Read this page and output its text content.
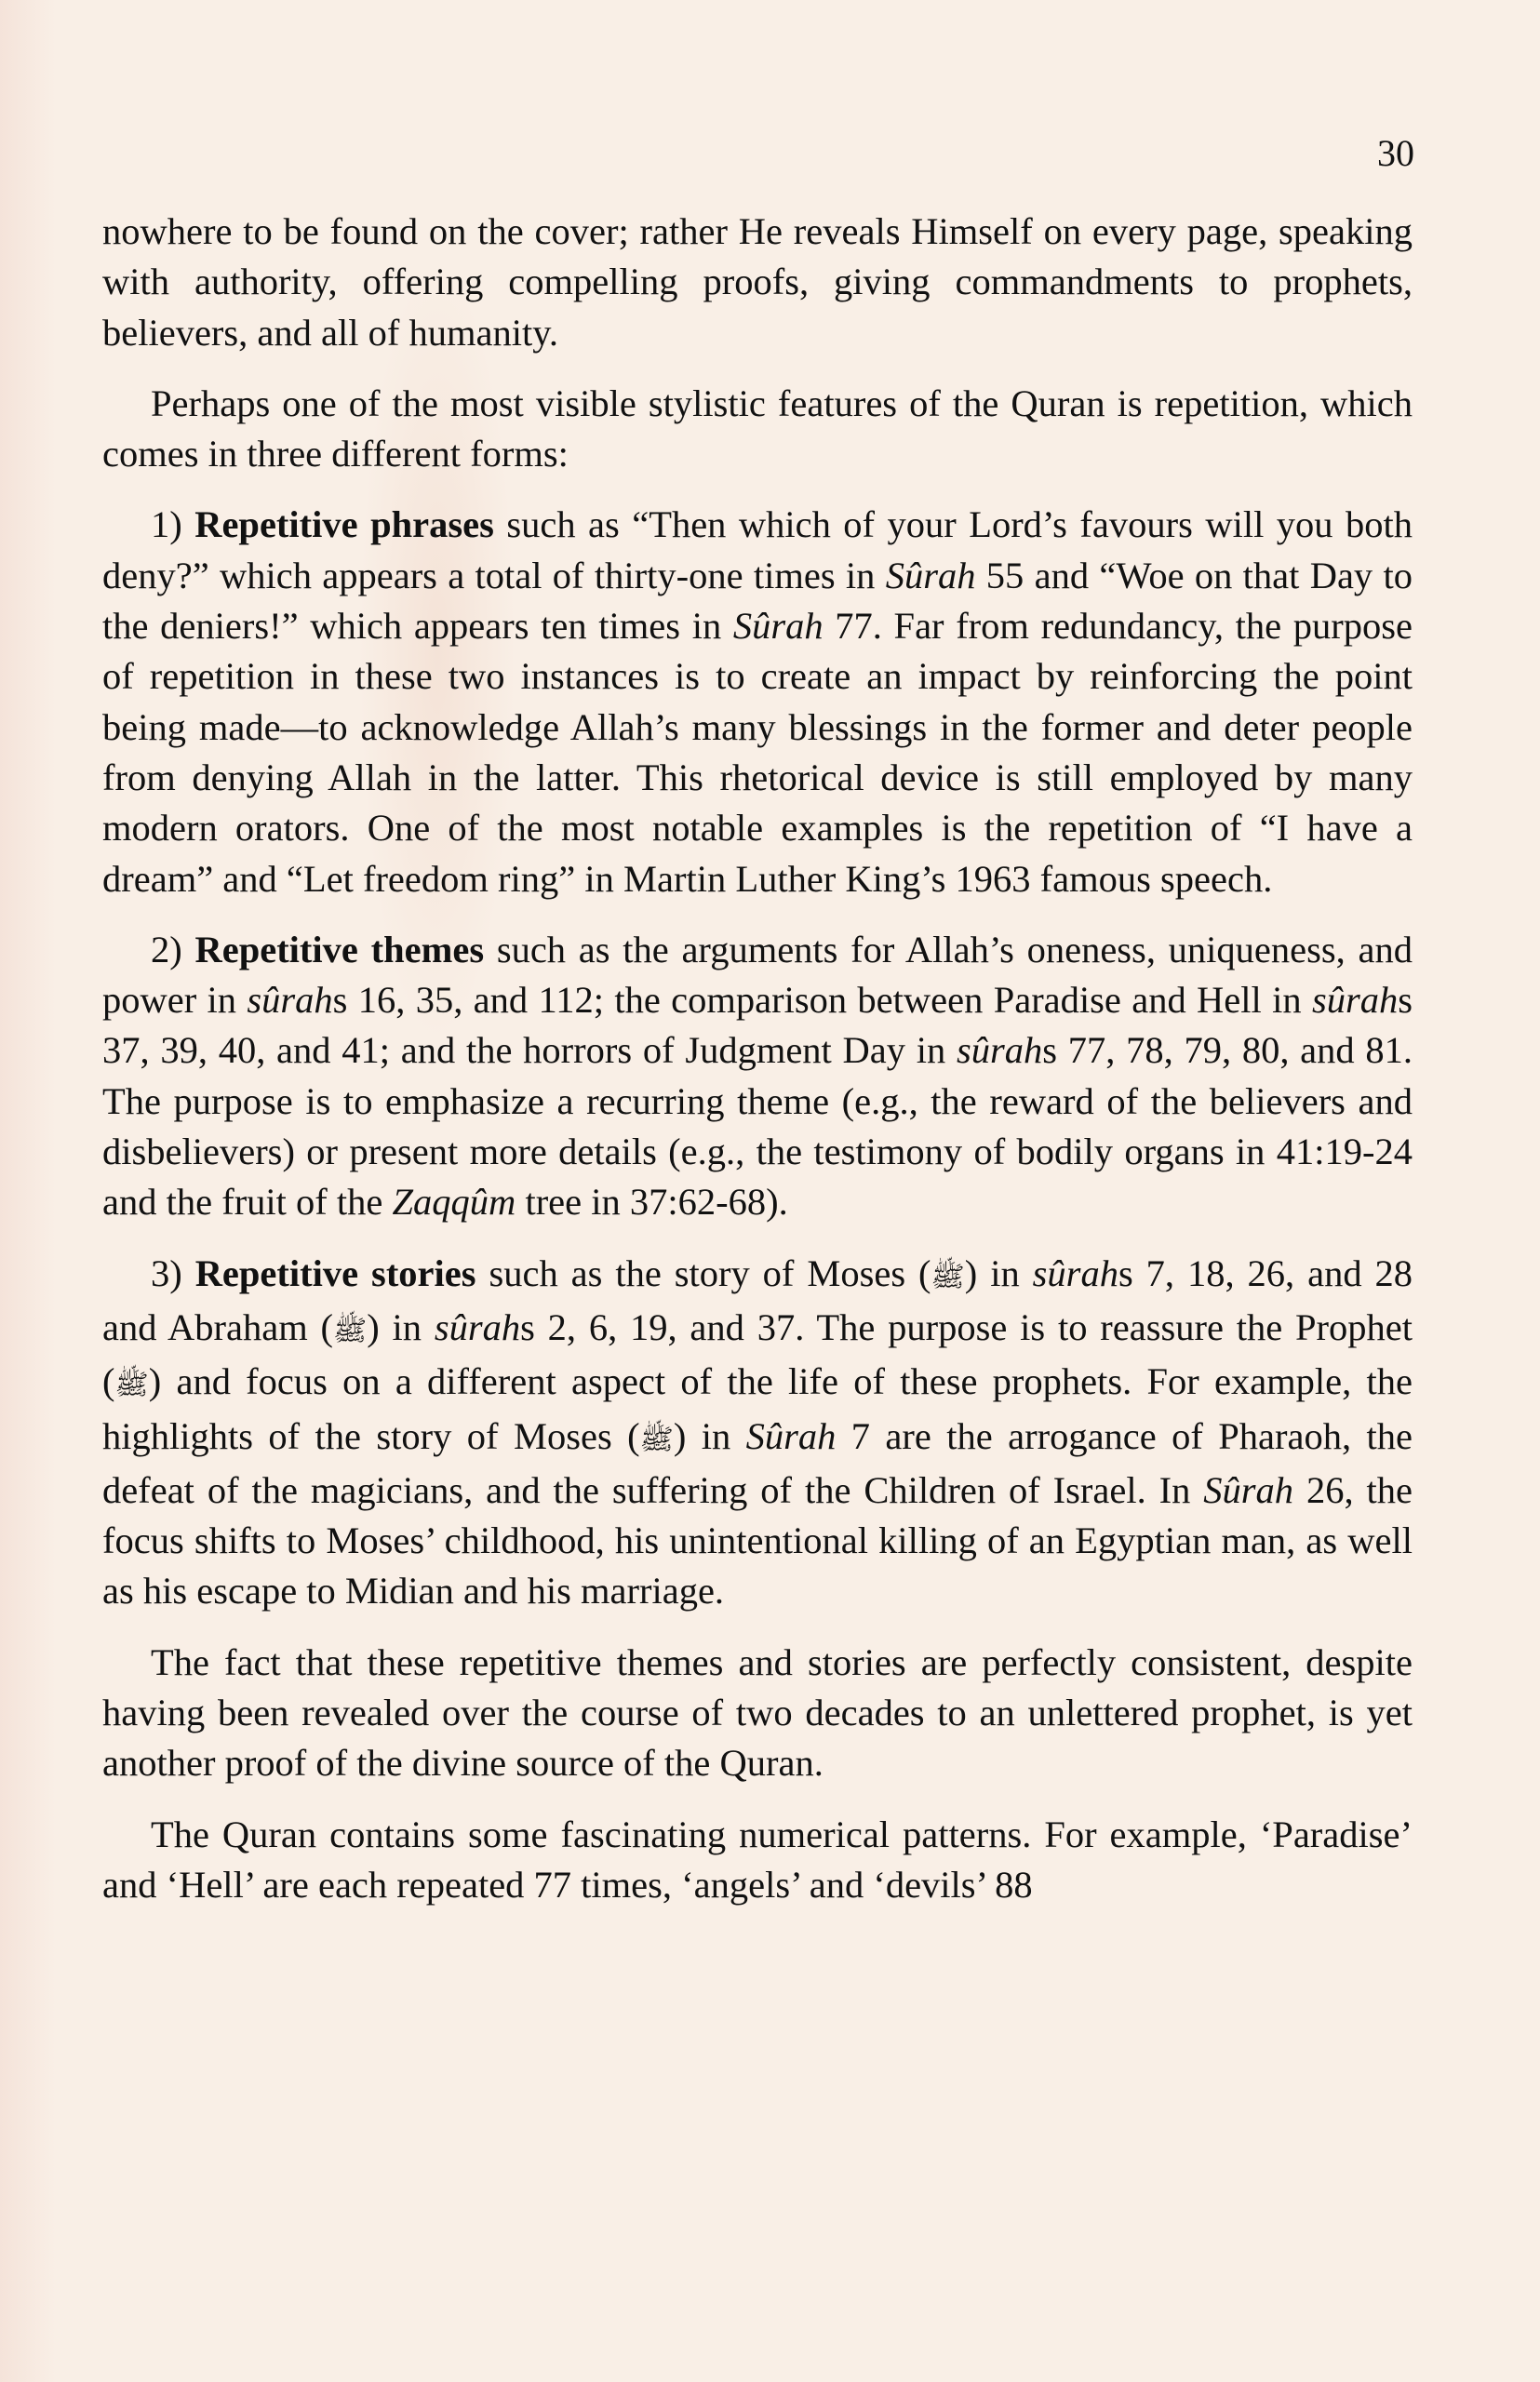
30

nowhere to be found on the cover; rather He reveals Himself on every page, speaking with authority, offering compelling proofs, giving commandments to prophets, believers, and all of humanity.

Perhaps one of the most visible stylistic features of the Quran is repetition, which comes in three different forms:

1) Repetitive phrases such as “Then which of your Lord’s favours will you both deny?” which appears a total of thirty-one times in Sûrah 55 and “Woe on that Day to the deniers!” which appears ten times in Sûrah 77. Far from redundancy, the purpose of repetition in these two instances is to create an impact by reinforcing the point being made—to acknowledge Allah’s many blessings in the former and deter people from denying Allah in the latter. This rhetorical device is still employed by many modern orators. One of the most notable examples is the repetition of “I have a dream” and “Let freedom ring” in Martin Luther King’s 1963 famous speech.

2) Repetitive themes such as the arguments for Allah’s oneness, uniqueness, and power in sûrahs 16, 35, and 112; the comparison between Paradise and Hell in sûrahs 37, 39, 40, and 41; and the horrors of Judgment Day in sûrahs 77, 78, 79, 80, and 81. The purpose is to emphasize a recurring theme (e.g., the reward of the believers and disbelievers) or present more details (e.g., the testimony of bodily organs in 41:19-24 and the fruit of the Zaqqûm tree in 37:62-68).

3) Repetitive stories such as the story of Moses (ﷺ) in sûrahs 7, 18, 26, and 28 and Abraham (ﷺ) in sûrahs 2, 6, 19, and 37. The purpose is to reassure the Prophet (ﷺ) and focus on a different aspect of the life of these prophets. For example, the highlights of the story of Moses (ﷺ) in Sûrah 7 are the arrogance of Pharaoh, the defeat of the magicians, and the suffering of the Children of Israel. In Sûrah 26, the focus shifts to Moses’ childhood, his unintentional killing of an Egyptian man, as well as his escape to Midian and his marriage.

The fact that these repetitive themes and stories are perfectly consistent, despite having been revealed over the course of two decades to an unlettered prophet, is yet another proof of the divine source of the Quran.

The Quran contains some fascinating numerical patterns. For example, ‘Paradise’ and ‘Hell’ are each repeated 77 times, ‘angels’ and ‘devils’ 88
